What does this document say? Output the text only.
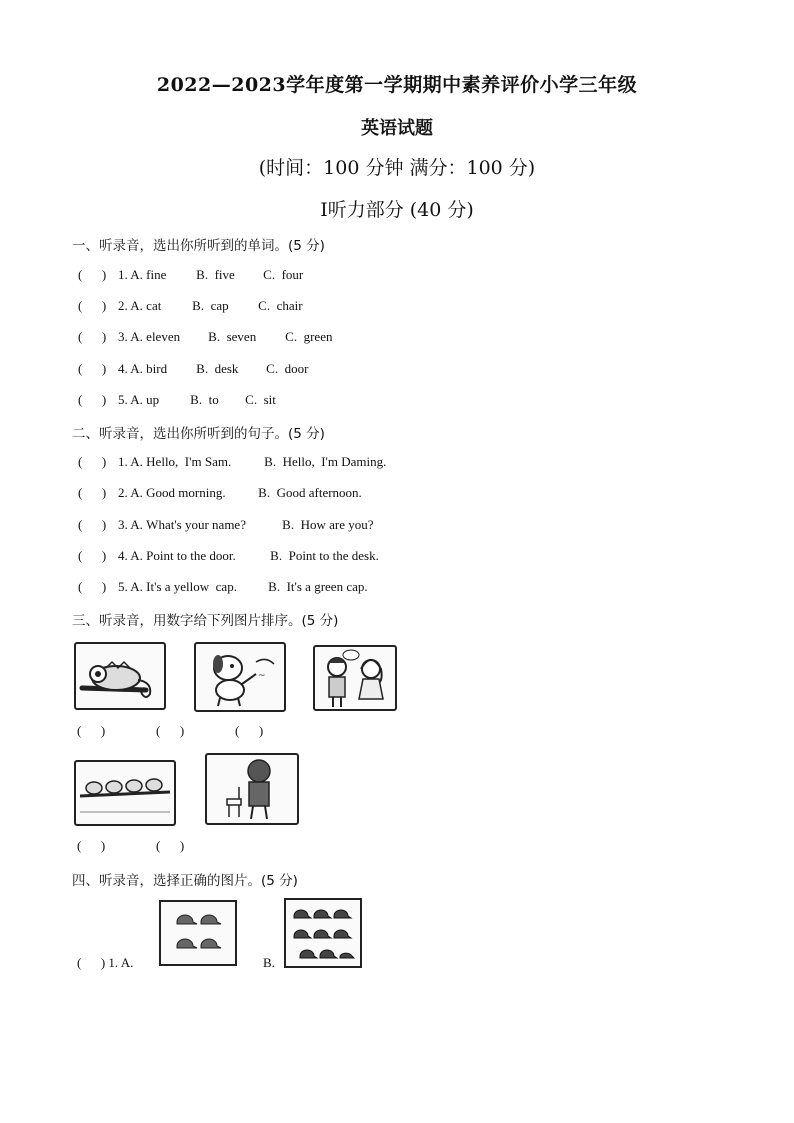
2022—2023学年度第一学期期中素养评价小学三年级
英语试题
(时间：100 分钟 满分：100 分)
Ⅰ听力部分 (40 分)
一、听录音，选出你所听到的单词。(5 分)
(      ) 1. A. fine B.  five C.  four
(      ) 2. A. cat B.  cap C.  chair
(      ) 3. A. eleven B.  seven C.  green
(      ) 4. A. bird B.  desk C.  door
(      ) 5. A. up B.  to C.  sit
二、听录音，选出你所听到的句子。(5 分)
(      ) 1. A. Hello,  I'm Sam.	B.  Hello,  I'm Daming.
(      ) 2. A. Good morning.	B.  Good afternoon.
(      ) 3. A. What's your name?	B.  How are you?
(      ) 4. A. Point to the door.	B.  Point to the desk.
(      ) 5. A. It's a yellow  cap. B.  It's a green cap.
三、听录音，用数字给下列图片排序。(5 分)
~
(      )	(      )	(      )
(      )	(      )
四、听录音，选择正确的图片。(5 分)
(      ) 1. A.	B.
